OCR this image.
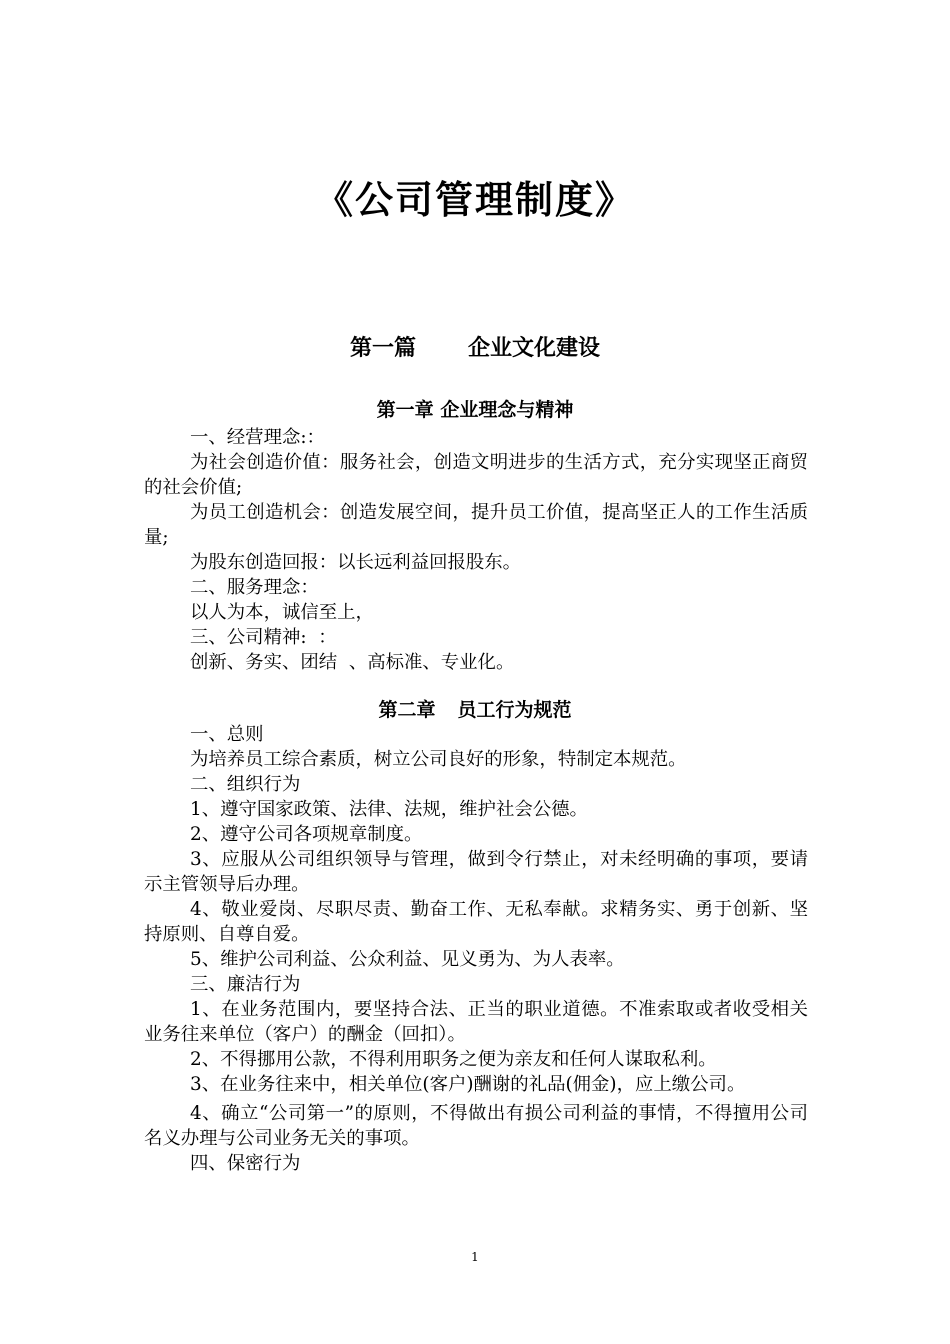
《公司管理制度》
第一篇 企业文化建设
第一章 企业理念与精神

一、经营理念:：

为社会创造价值：服务社会，创造文明进步的生活方式，充分实现坚正商贸的社会价值;

为员工创造机会：创造发展空间，提升员工价值，提高坚正人的工作生活质量;

为股东创造回报：以长远利益回报股东。

二、服务理念：

以人为本，诚信至上，

三、公司精神:  ：

创新、务实、团结  、高标准、专业化。

第二章 员工行为规范

一、总则

为培养员工综合素质，树立公司良好的形象，特制定本规范。

二、组织行为

1、遵守国家政策、法律、法规，维护社会公德。

2、遵守公司各项规章制度。

3、应服从公司组织领导与管理，做到令行禁止，对未经明确的事项，要请示主管领导后办理。

4、敬业爱岗、尽职尽责、勤奋工作、无私奉献。求精务实、勇于创新、坚持原则、自尊自爱。

5、维护公司利益、公众利益、见义勇为、为人表率。

三、廉洁行为

1、在业务范围内，要坚持合法、正当的职业道德。不准索取或者收受相关业务往来单位（客户）的酬金（回扣）。

2、不得挪用公款，不得利用职务之便为亲友和任何人谋取私利。

3、在业务往来中，相关单位(客户)酬谢的礼品(佣金)，应上缴公司。

4、确立“公司第一”的原则，不得做出有损公司利益的事情，不得擅用公司名义办理与公司业务无关的事项。

四、保密行为

1
